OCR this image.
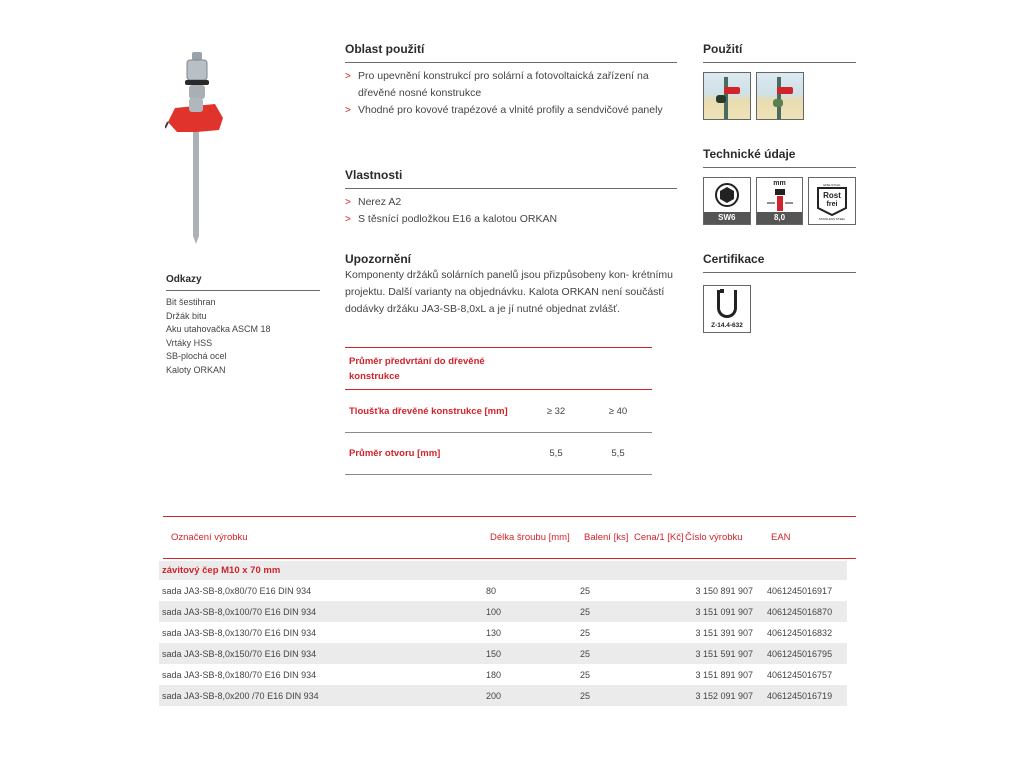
Odkazy
Bit šestihran
Držák bitu
Aku utahovačka ASCM 18
Vrtáky HSS
SB-plochá ocel
Kaloty ORKAN
Oblast použití
> Pro upevnění konstrukcí pro solární a fotovoltaická zařízení na dřevěné nosné konstrukce
> Vhodné pro kovové trapézové a vlnité profily a sendvičové panely
Vlastnosti
> Nerez A2
> S těsnící podložkou E16 a kalotou ORKAN
Upozornění
Komponenty držáků solárních panelů jsou přizpůsobeny kon- krétnímu projektu. Další varianty na objednávku. Kalota ORKAN není součástí dodávky držáku JA3-SB-8,0xL a je jí nutné objednat zvlášť.
Průměr předvrtání do dřevěné konstrukce
Tloušťka dřevěné konstrukce [mm]	≥ 32	≥ 40
Průměr otvoru [mm]	5,5	5,5
Použití
Technické údaje
SW6
mm
8,0
EDELSTAHL
Rost
frei
STAINLESS STEEL
Certifikace
Z-14.4-632
Označení výrobku	Délka šroubu [mm]	Balení [ks] Cena/1 [Kč] Číslo výrobku	EAN
závitový čep M10 x 70 mm
sada JA3-SB-8,0x80/70 E16 DIN 934	80	25	3 150 891 907	4061245016917
sada JA3-SB-8,0x100/70 E16 DIN 934	100	25	3 151 091 907	4061245016870
sada JA3-SB-8,0x130/70 E16 DIN 934	130	25	3 151 391 907	4061245016832
sada JA3-SB-8,0x150/70 E16 DIN 934	150	25	3 151 591 907	4061245016795
sada JA3-SB-8,0x180/70 E16 DIN 934	180	25	3 151 891 907	4061245016757
sada JA3-SB-8,0x200 /70 E16 DIN 934	200	25	3 152 091 907	4061245016719
